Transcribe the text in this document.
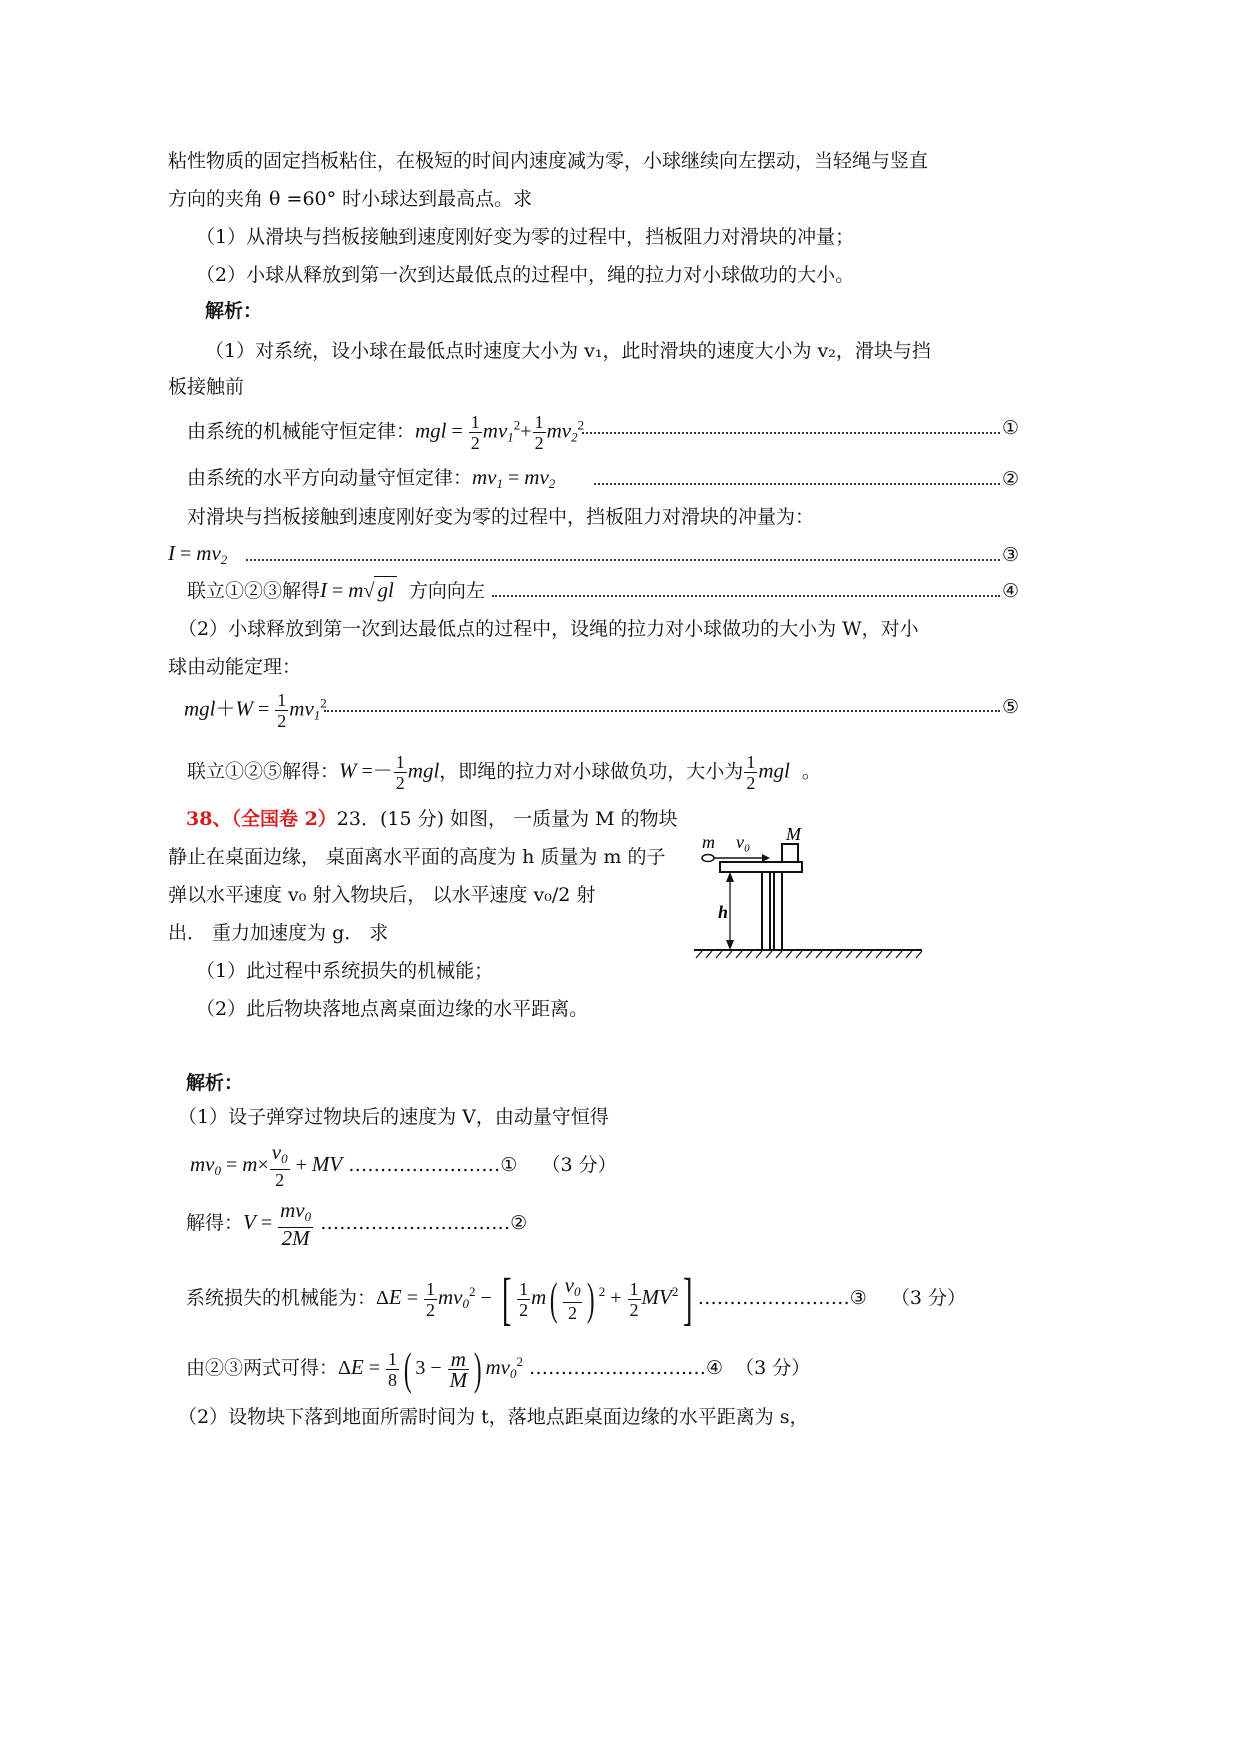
粘性物质的固定挡板粘住，在极短的时间内速度减为零，小球继续向左摆动，当轻绳与竖直
方向的夹角 θ =60° 时小球达到最高点。求
（1）从滑块与挡板接触到速度刚好变为零的过程中，挡板阻力对滑块的冲量；
（2）小球从释放到第一次到达最低点的过程中，绳的拉力对小球做功的大小。
解析：
（1）对系统，设小球在最低点时速度大小为 v₁，此时滑块的速度大小为 v₂，滑块与挡
板接触前
由系统的机械能守恒定律：mgl = $\frac{1}{2} mv_1^2+ \frac{1}{2} mv_2^2$	①
由系统的水平方向动量守恒定律：$mv_1 = mv_2$	②
对滑块与挡板接触到速度刚好变为零的过程中，挡板阻力对滑块的冲量为：
$I = mv_2$	③
联立①②③解得I = m√ gl 方向向左	④
（2）小球释放到第一次到达最低点的过程中，设绳的拉力对小球做功的大小为 W，对小
球由动能定理：
$mgl+W = \frac{1}{2} mv_1^2$	⑤
联立①②⑤解得：$W =- \frac{1}{2}$ mgl，即绳的拉力对小球做负功，大小为 $\frac{1}{2}$ mgl 。
38、（全国卷 2）23．(15 分) 如图， 一质量为 M 的物块
静止在桌面边缘， 桌面离水平面的高度为 h 质量为 m 的子
弹以水平速度 v₀ 射入物块后， 以水平速度 v₀/2 射
出． 重力加速度为 g． 求
（1）此过程中系统损失的机械能；
（2）此后物块落地点离桌面边缘的水平距离。
m v₀ M
h
解析：
（1）设子弹穿过物块后的速度为 V，由动量守恒得
$mv_0 = m\times \frac{v_0}{2}$ + MV ……………………① （3 分）
解得：$V = \frac{mv_0}{2M}$ …………………………②
系统损失的机械能为：$\Delta E = \frac{1}{2} mv_0^2$ − [ $\frac{1}{2} m( \frac{v_0}{2}$ ) $^2 + \frac{1}{2} MV^2$] ……………………③ （3 分）
由②③两式可得：$\Delta E = \frac{1}{8}$ ( $3 - \frac{m}{M}$ ) $mv_0^2$ …………………….…④ （3 分）
（2）设物块下落到地面所需时间为 t，落地点距桌面边缘的水平距离为 s，
